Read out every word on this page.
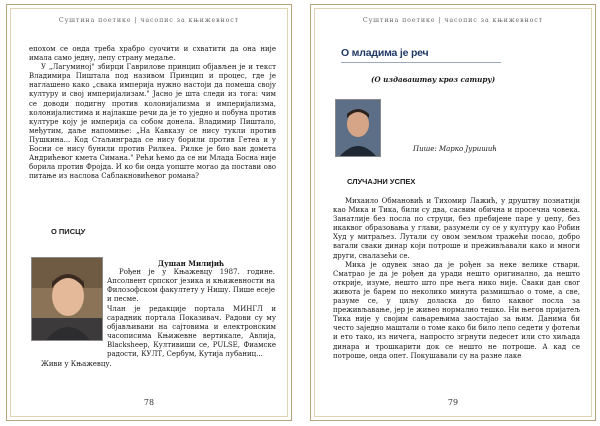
Суштина поетике | часопис за књижевност

епохом се онда треба храбро суочити и схватити да она није имала само једну, лепу страну медаље.

У „Лагуминој" збирци Гаврилове принцип објављен је и текст Владимира Пиштала под називом Принцип и процес, где је наглашено како „свака империја нужно настоји да помеша своју културу и свој империјализам." Јасно је шта следи из тога: чим се доводи подигну против колонијализма и империјализма, колонијалистима и најлакше речи да је то уједно и побуна против културе коју је империја са собом донела. Владимир Пиштало, међутим, даље напомиње: „На Кавказу се нису тукли против Пушкина... Код Стаљинграда се нису борили против Гетеа и у Босни се нису бунили против Рилкеа. Рилке је био ван домета Андрићевог кмета Симана." Рећи ћемо да се ни Млада Босна није борила против Фројда. И ко би онда уопште могао да постави ово питање из наслова Саблакновићевог романа?

О ПИСЦУ

Душан Милијић

Рођен је у Књажевцу 1987. године. Апсолвент српског језика и књижевности на Филозофском факултету у Нишу. Пише есеје и песме.

Члан је редакције портала МИНГЛ и сарадник портала Показивач. Радови су му објављивани на сајтовима и електронским часописима Књижевне вертикале, Авлија, Blacksheep, Култивиши се, PULSE, Фиамске радости, КУЛТ, Сербум, Кутија лубаниц...

Живи у Књажевцу.

78
Суштина поетике | часопис за књижевност
О младима је реч
(О издаваштву кроз сатиру)
Пише: Марко Јуришић
СЛУЧАЈНИ УСПЕХ

Михаило Обмановић и Тихомир Лажић, у друштву познатији као Мика и Тика, били су два, сасвим обична и просечна човека. Занатлије без посла по струци, без пребијене паре у џепу, без икаквог образовања у глави, разумели су се у културу као Робин Худ у митраљез. Лутали су овом земљом тражећи посао, добро вагали сваки динар који потроше и преживљавали како и многи други, сналазећи се.

Мика је одувек знао да је рођен за неке велике ствари. Сматрао је да је рођен да уради нешто оригинално, да нешто открије, изуме, нешто што пре њега нико није. Сваки дан свог живота је барем по неколико минута размишљао о томе, а све, разуме се, у циљу доласка до било каквог посла за преживљавање, јер је живео нормално тешко. Ни његов пријатељ Тика није у својим сањарењима заостајао за њим. Данима би често заједно маштали о томе како би било лепо седети у фотељи и ето тако, из ничега, напросто згрнути педесет или сто хиљада динара и трошкарити док се нешто не потроше. А кад се потроше, онда опет. Покушавали су на разне лаке

79
